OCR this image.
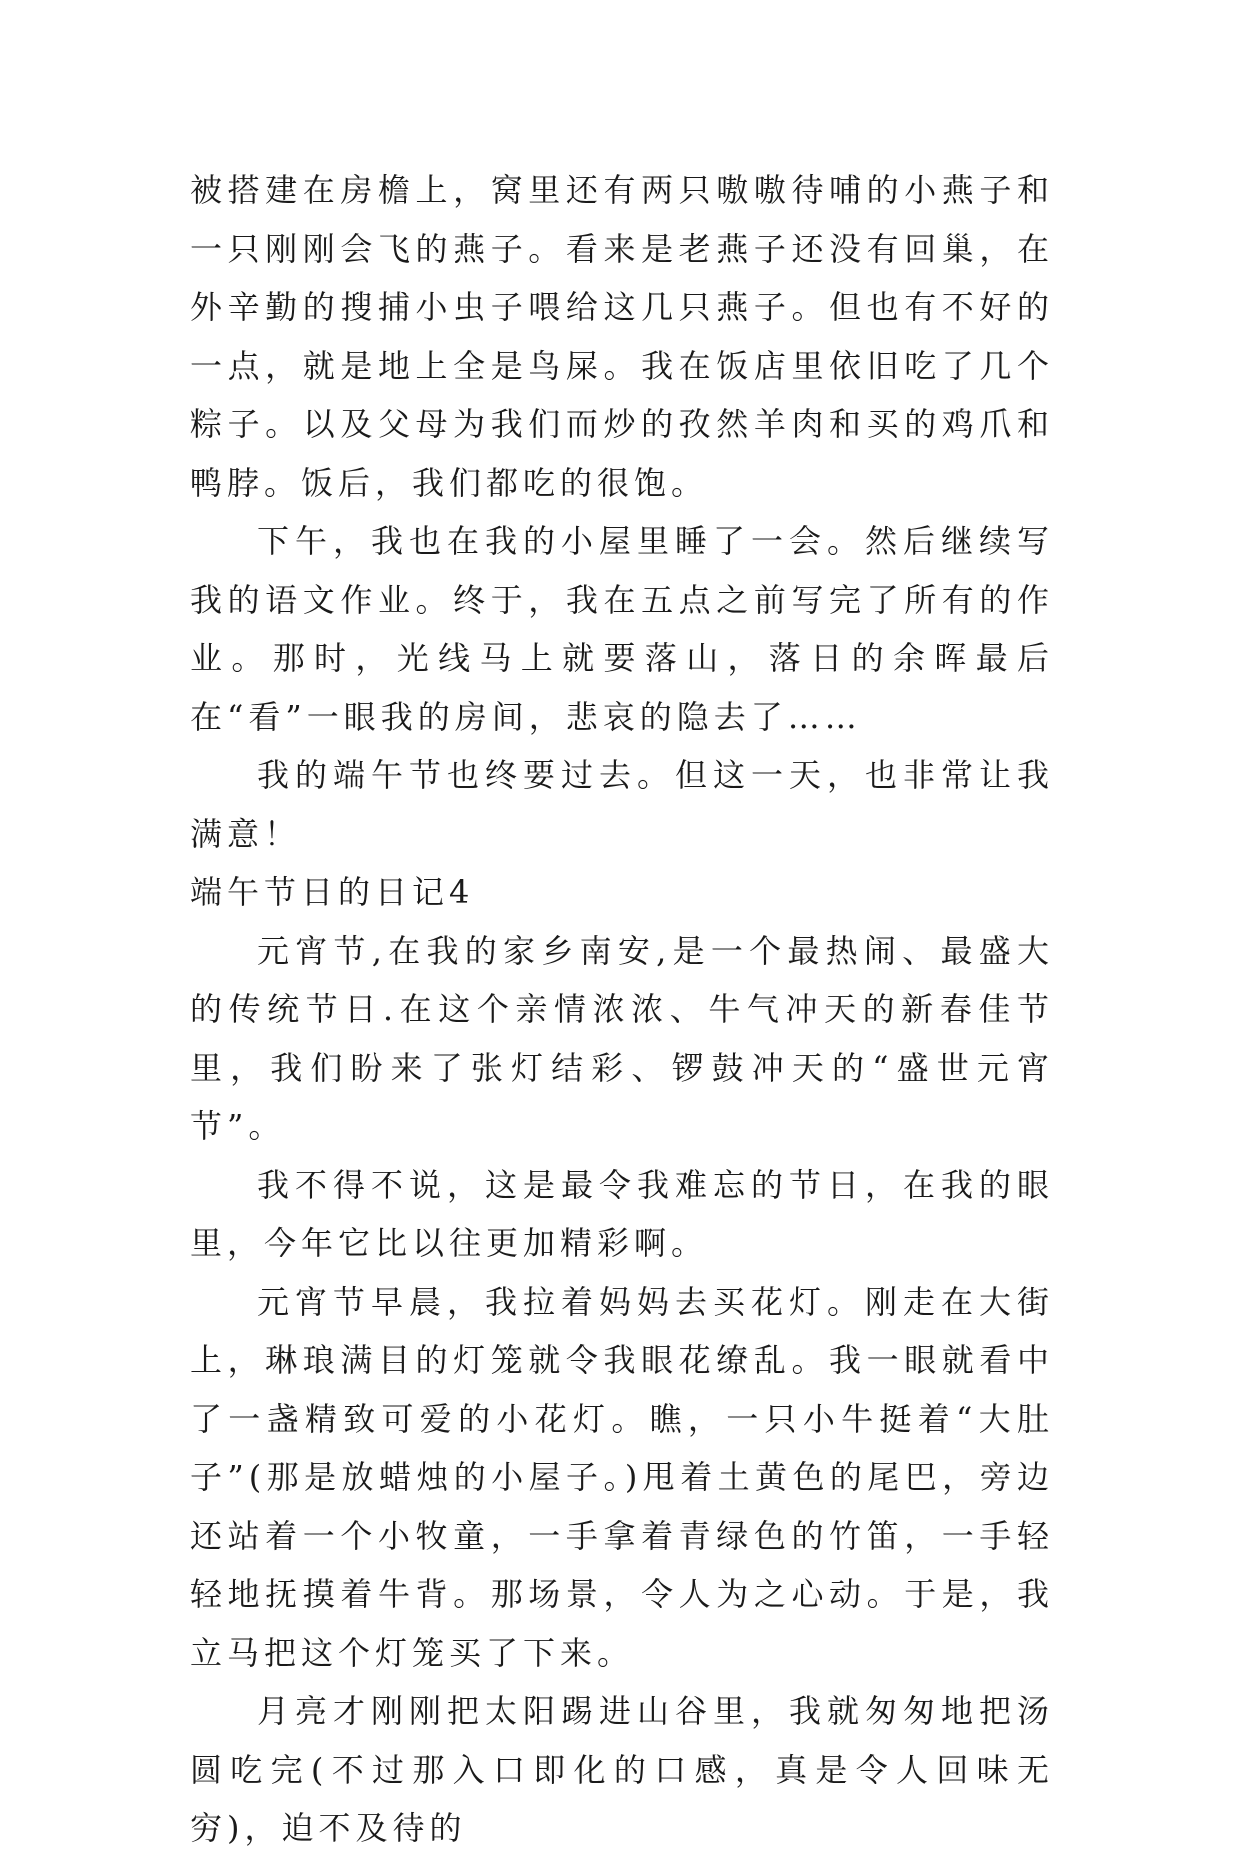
被搭建在房檐上，窝里还有两只嗷嗷待哺的小燕子和一只刚刚会飞的燕子。看来是老燕子还没有回巢，在外辛勤的搜捕小虫子喂给这几只燕子。但也有不好的一点，就是地上全是鸟屎。我在饭店里依旧吃了几个粽子。以及父母为我们而炒的孜然羊肉和买的鸡爪和鸭脖。饭后，我们都吃的很饱。

下午，我也在我的小屋里睡了一会。然后继续写我的语文作业。终于，我在五点之前写完了所有的作业。那时，光线马上就要落山，落日的余晖最后在“看”一眼我的房间，悲哀的隐去了……

我的端午节也终要过去。但这一天，也非常让我满意！

端午节日的日记4

元宵节,在我的家乡南安,是一个最热闹、最盛大的传统节日.在这个亲情浓浓、牛气冲天的新春佳节里，我们盼来了张灯结彩、锣鼓冲天的“盛世元宵节”。

我不得不说，这是最令我难忘的节日，在我的眼里，今年它比以往更加精彩啊。

元宵节早晨，我拉着妈妈去买花灯。刚走在大街上，琳琅满目的灯笼就令我眼花缭乱。我一眼就看中了一盏精致可爱的小花灯。瞧，一只小牛挺着“大肚子”(那是放蜡烛的小屋子。)甩着土黄色的尾巴，旁边还站着一个小牧童，一手拿着青绿色的竹笛，一手轻轻地抚摸着牛背。那场景，令人为之心动。于是，我立马把这个灯笼买了下来。

月亮才刚刚把太阳踢进山谷里，我就匆匆地把汤圆吃完(不过那入口即化的口感，真是令人回味无穷)，迫不及待的
